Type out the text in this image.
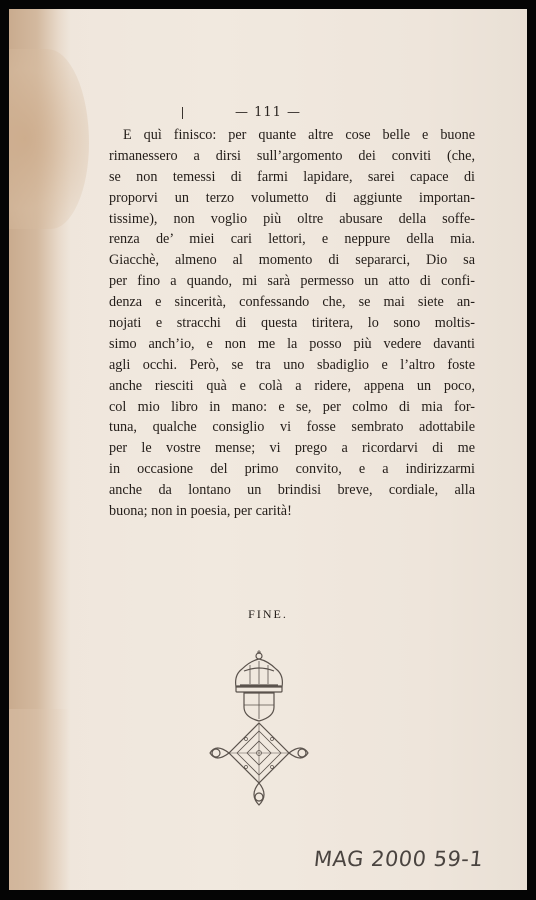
— 111 —
E quì finisco: per quante altre cose belle e buone
rimanessero a dirsi sull’argomento dei conviti (che,
se non temessi di farmi lapidare, sarei capace di
proporvi un terzo volumetto di aggiunte importan-
tissime), non voglio più oltre abusare della soffe-
renza de’ miei cari lettori, e neppure della mia.
Giacchè, almeno al momento di separarci, Dio sa
per fino a quando, mi sarà permesso un atto di confi-
denza e sincerità, confessando che, se mai siete an-
nojati e stracchi di questa tiritera, lo sono moltis-
simo anch’io, e non me la posso più vedere davanti
agli occhi. Però, se tra uno sbadiglio e l’altro foste
anche riesciti quà e colà a ridere, appena un poco,
col mio libro in mano: e se, per colmo di mia for-
tuna, qualche consiglio vi fosse sembrato adottabile
per le vostre mense; vi prego a ricordarvi di me
in occasione del primo convito, e a indirizzarmi
anche da lontano un brindisi breve, cordiale, alla
buona; non in poesia, per carità!
FINE.
MAG 2000 59-1
